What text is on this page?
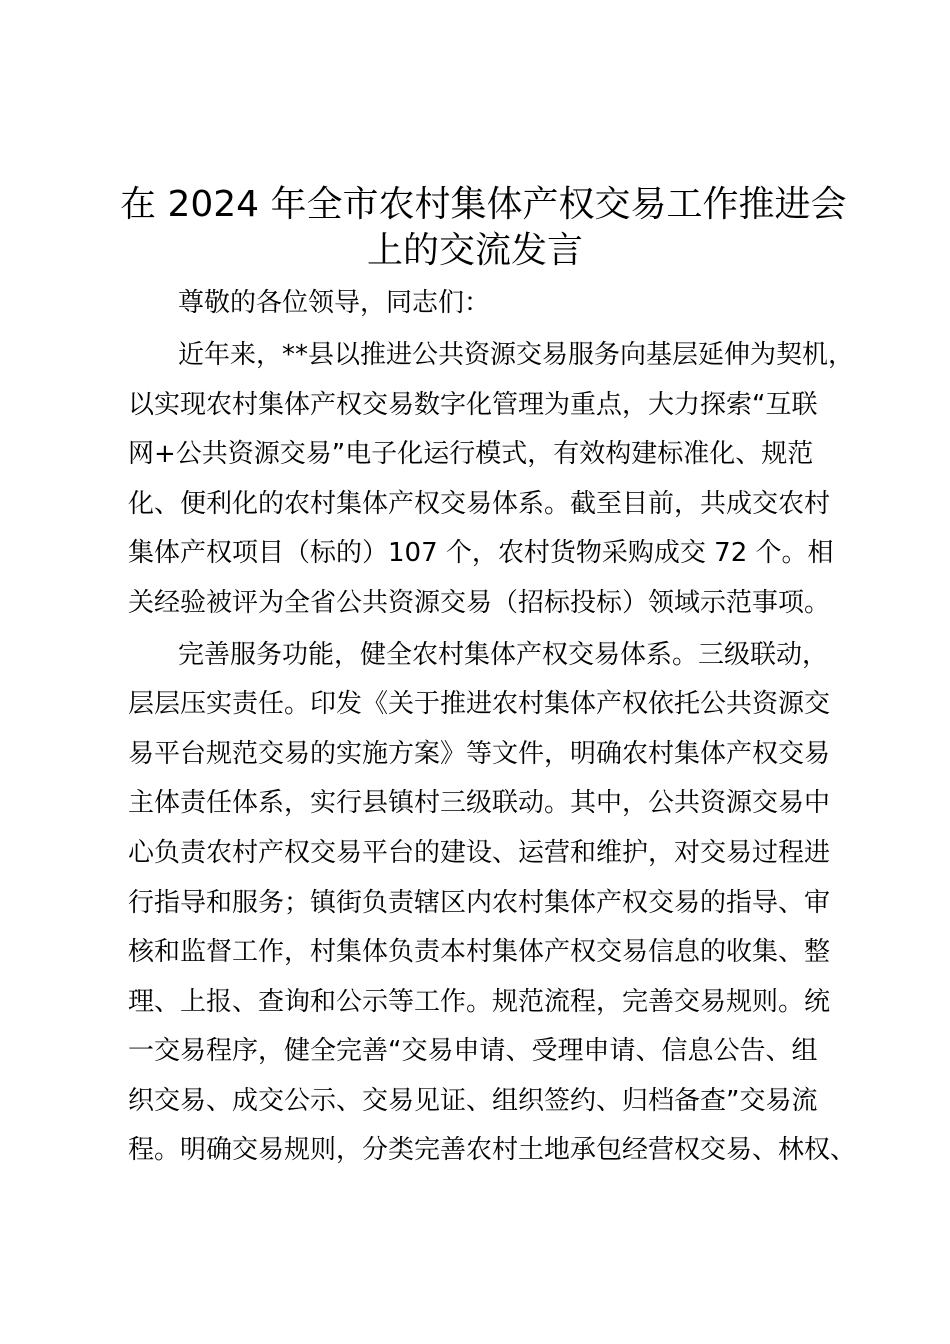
在 2024 年全市农村集体产权交易工作推进会
上的交流发言

尊敬的各位领导，同志们：

近年来，**县以推进公共资源交易服务向基层延伸为契机，

以实现农村集体产权交易数字化管理为重点，大力探索“互联

网+公共资源交易”电子化运行模式，有效构建标准化、规范

化、便利化的农村集体产权交易体系。截至目前，共成交农村

集体产权项目（标的）107 个，农村货物采购成交 72 个。相

关经验被评为全省公共资源交易（招标投标）领域示范事项。

完善服务功能，健全农村集体产权交易体系。三级联动，

层层压实责任。印发《关于推进农村集体产权依托公共资源交

易平台规范交易的实施方案》等文件，明确农村集体产权交易

主体责任体系，实行县镇村三级联动。其中，公共资源交易中

心负责农村产权交易平台的建设、运营和维护，对交易过程进

行指导和服务；镇街负责辖区内农村集体产权交易的指导、审

核和监督工作，村集体负责本村集体产权交易信息的收集、整

理、上报、查询和公示等工作。规范流程，完善交易规则。统

一交易程序，健全完善“交易申请、受理申请、信息公告、组

织交易、成交公示、交易见证、组织签约、归档备查”交易流

程。明确交易规则，分类完善农村土地承包经营权交易、林权、
